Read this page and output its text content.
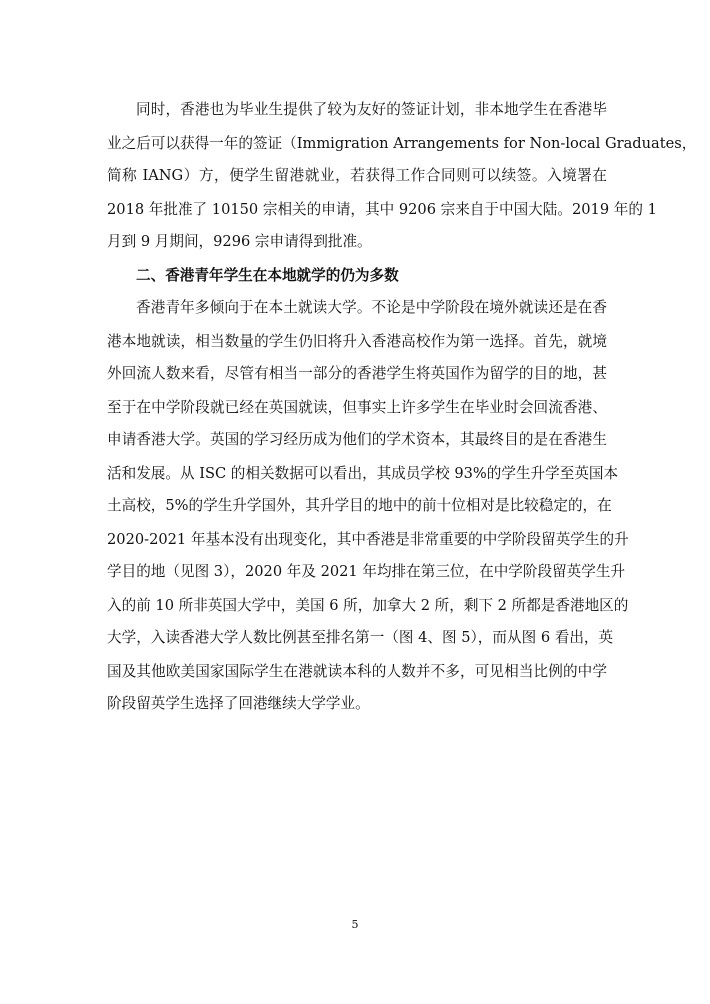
同时，香港也为毕业生提供了较为友好的签证计划，非本地学生在香港毕
业之后可以获得一年的签证（Immigration Arrangements for Non-local Graduates，
简称 IANG）方，便学生留港就业，若获得工作合同则可以续签。入境署在
2018 年批准了 10150 宗相关的申请，其中 9206 宗来自于中国大陆。2019 年的 1
月到 9 月期间，9296 宗申请得到批准。
二、香港青年学生在本地就学的仍为多数
香港青年多倾向于在本土就读大学。不论是中学阶段在境外就读还是在香
港本地就读，相当数量的学生仍旧将升入香港高校作为第一选择。首先，就境
外回流人数来看，尽管有相当一部分的香港学生将英国作为留学的目的地，甚
至于在中学阶段就已经在英国就读，但事实上许多学生在毕业时会回流香港、
申请香港大学。英国的学习经历成为他们的学术资本，其最终目的是在香港生
活和发展。从 ISC 的相关数据可以看出，其成员学校 93%的学生升学至英国本
土高校，5%的学生升学国外，其升学目的地中的前十位相对是比较稳定的，在
2020-2021 年基本没有出现变化，其中香港是非常重要的中学阶段留英学生的升
学目的地（见图 3），2020 年及 2021 年均排在第三位，在中学阶段留英学生升
入的前 10 所非英国大学中，美国 6 所，加拿大 2 所，剩下 2 所都是香港地区的
大学，入读香港大学人数比例甚至排名第一（图 4、图 5），而从图 6 看出，英
国及其他欧美国家国际学生在港就读本科的人数并不多，可见相当比例的中学
阶段留英学生选择了回港继续大学学业。
5
